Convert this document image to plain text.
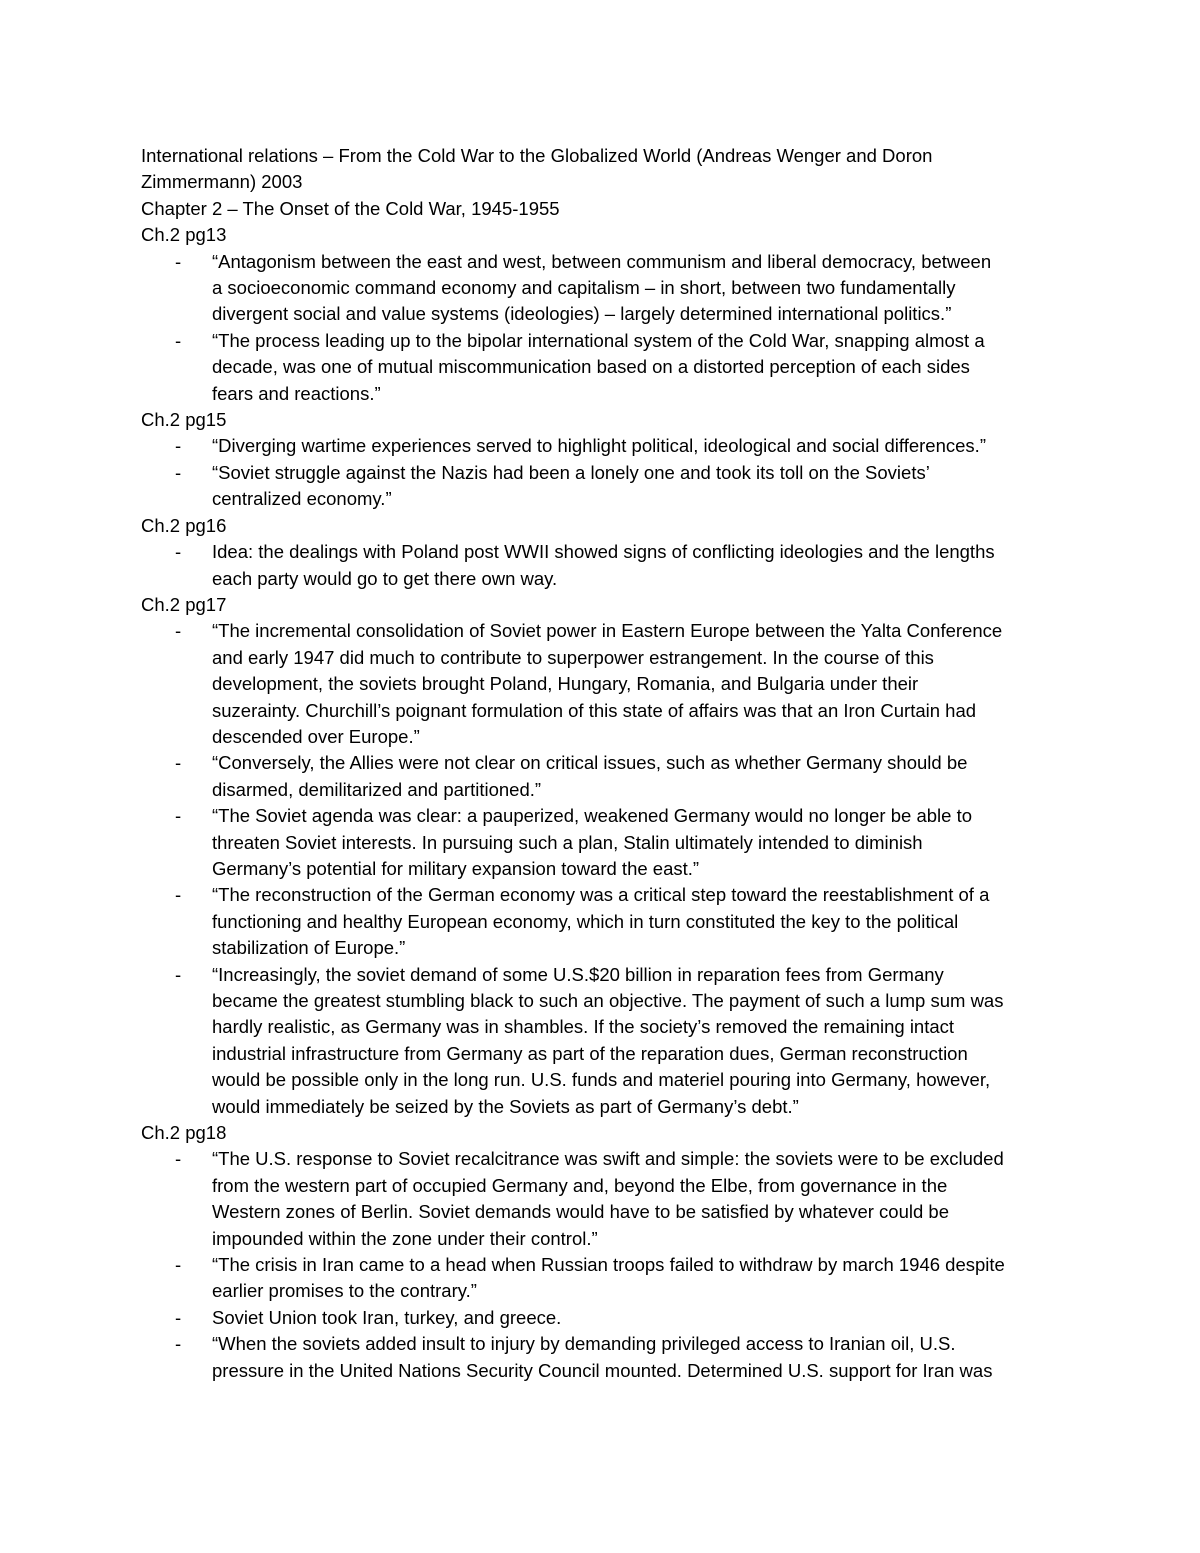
International relations – From the Cold War to the Globalized World (Andreas Wenger and Doron
Zimmermann) 2003
Chapter 2 – The Onset of the Cold War, 1945-1955
Ch.2 pg13
- “Antagonism between the east and west, between communism and liberal democracy, between
a socioeconomic command economy and capitalism – in short, between two fundamentally
divergent social and value systems (ideologies) – largely determined international politics.”
- “The process leading up to the bipolar international system of the Cold War, snapping almost a
decade, was one of mutual miscommunication based on a distorted perception of each sides
fears and reactions.”
Ch.2 pg15
- “Diverging wartime experiences served to highlight political, ideological and social differences.”
- “Soviet struggle against the Nazis had been a lonely one and took its toll on the Soviets’
centralized economy.”
Ch.2 pg16
- Idea: the dealings with Poland post WWII showed signs of conflicting ideologies and the lengths
each party would go to get there own way.
Ch.2 pg17
- “The incremental consolidation of Soviet power in Eastern Europe between the Yalta Conference
and early 1947 did much to contribute to superpower estrangement. In the course of this
development, the soviets brought Poland, Hungary, Romania, and Bulgaria under their
suzerainty. Churchill’s poignant formulation of this state of affairs was that an Iron Curtain had
descended over Europe.”
- “Conversely, the Allies were not clear on critical issues, such as whether Germany should be
disarmed, demilitarized and partitioned.”
- “The Soviet agenda was clear: a pauperized, weakened Germany would no longer be able to
threaten Soviet interests. In pursuing such a plan, Stalin ultimately intended to diminish
Germany’s potential for military expansion toward the east.”
- “The reconstruction of the German economy was a critical step toward the reestablishment of a
functioning and healthy European economy, which in turn constituted the key to the political
stabilization of Europe.”
- “Increasingly, the soviet demand of some U.S.$20 billion in reparation fees from Germany
became the greatest stumbling black to such an objective. The payment of such a lump sum was
hardly realistic, as Germany was in shambles. If the society’s removed the remaining intact
industrial infrastructure from Germany as part of the reparation dues, German reconstruction
would be possible only in the long run. U.S. funds and materiel pouring into Germany, however,
would immediately be seized by the Soviets as part of Germany’s debt.”
Ch.2 pg18
- “The U.S. response to Soviet recalcitrance was swift and simple: the soviets were to be excluded
from the western part of occupied Germany and, beyond the Elbe, from governance in the
Western zones of Berlin. Soviet demands would have to be satisfied by whatever could be
impounded within the zone under their control.”
- “The crisis in Iran came to a head when Russian troops failed to withdraw by march 1946 despite
earlier promises to the contrary.”
- Soviet Union took Iran, turkey, and greece.
- “When the soviets added insult to injury by demanding privileged access to Iranian oil, U.S.
pressure in the United Nations Security Council mounted. Determined U.S. support for Iran was
